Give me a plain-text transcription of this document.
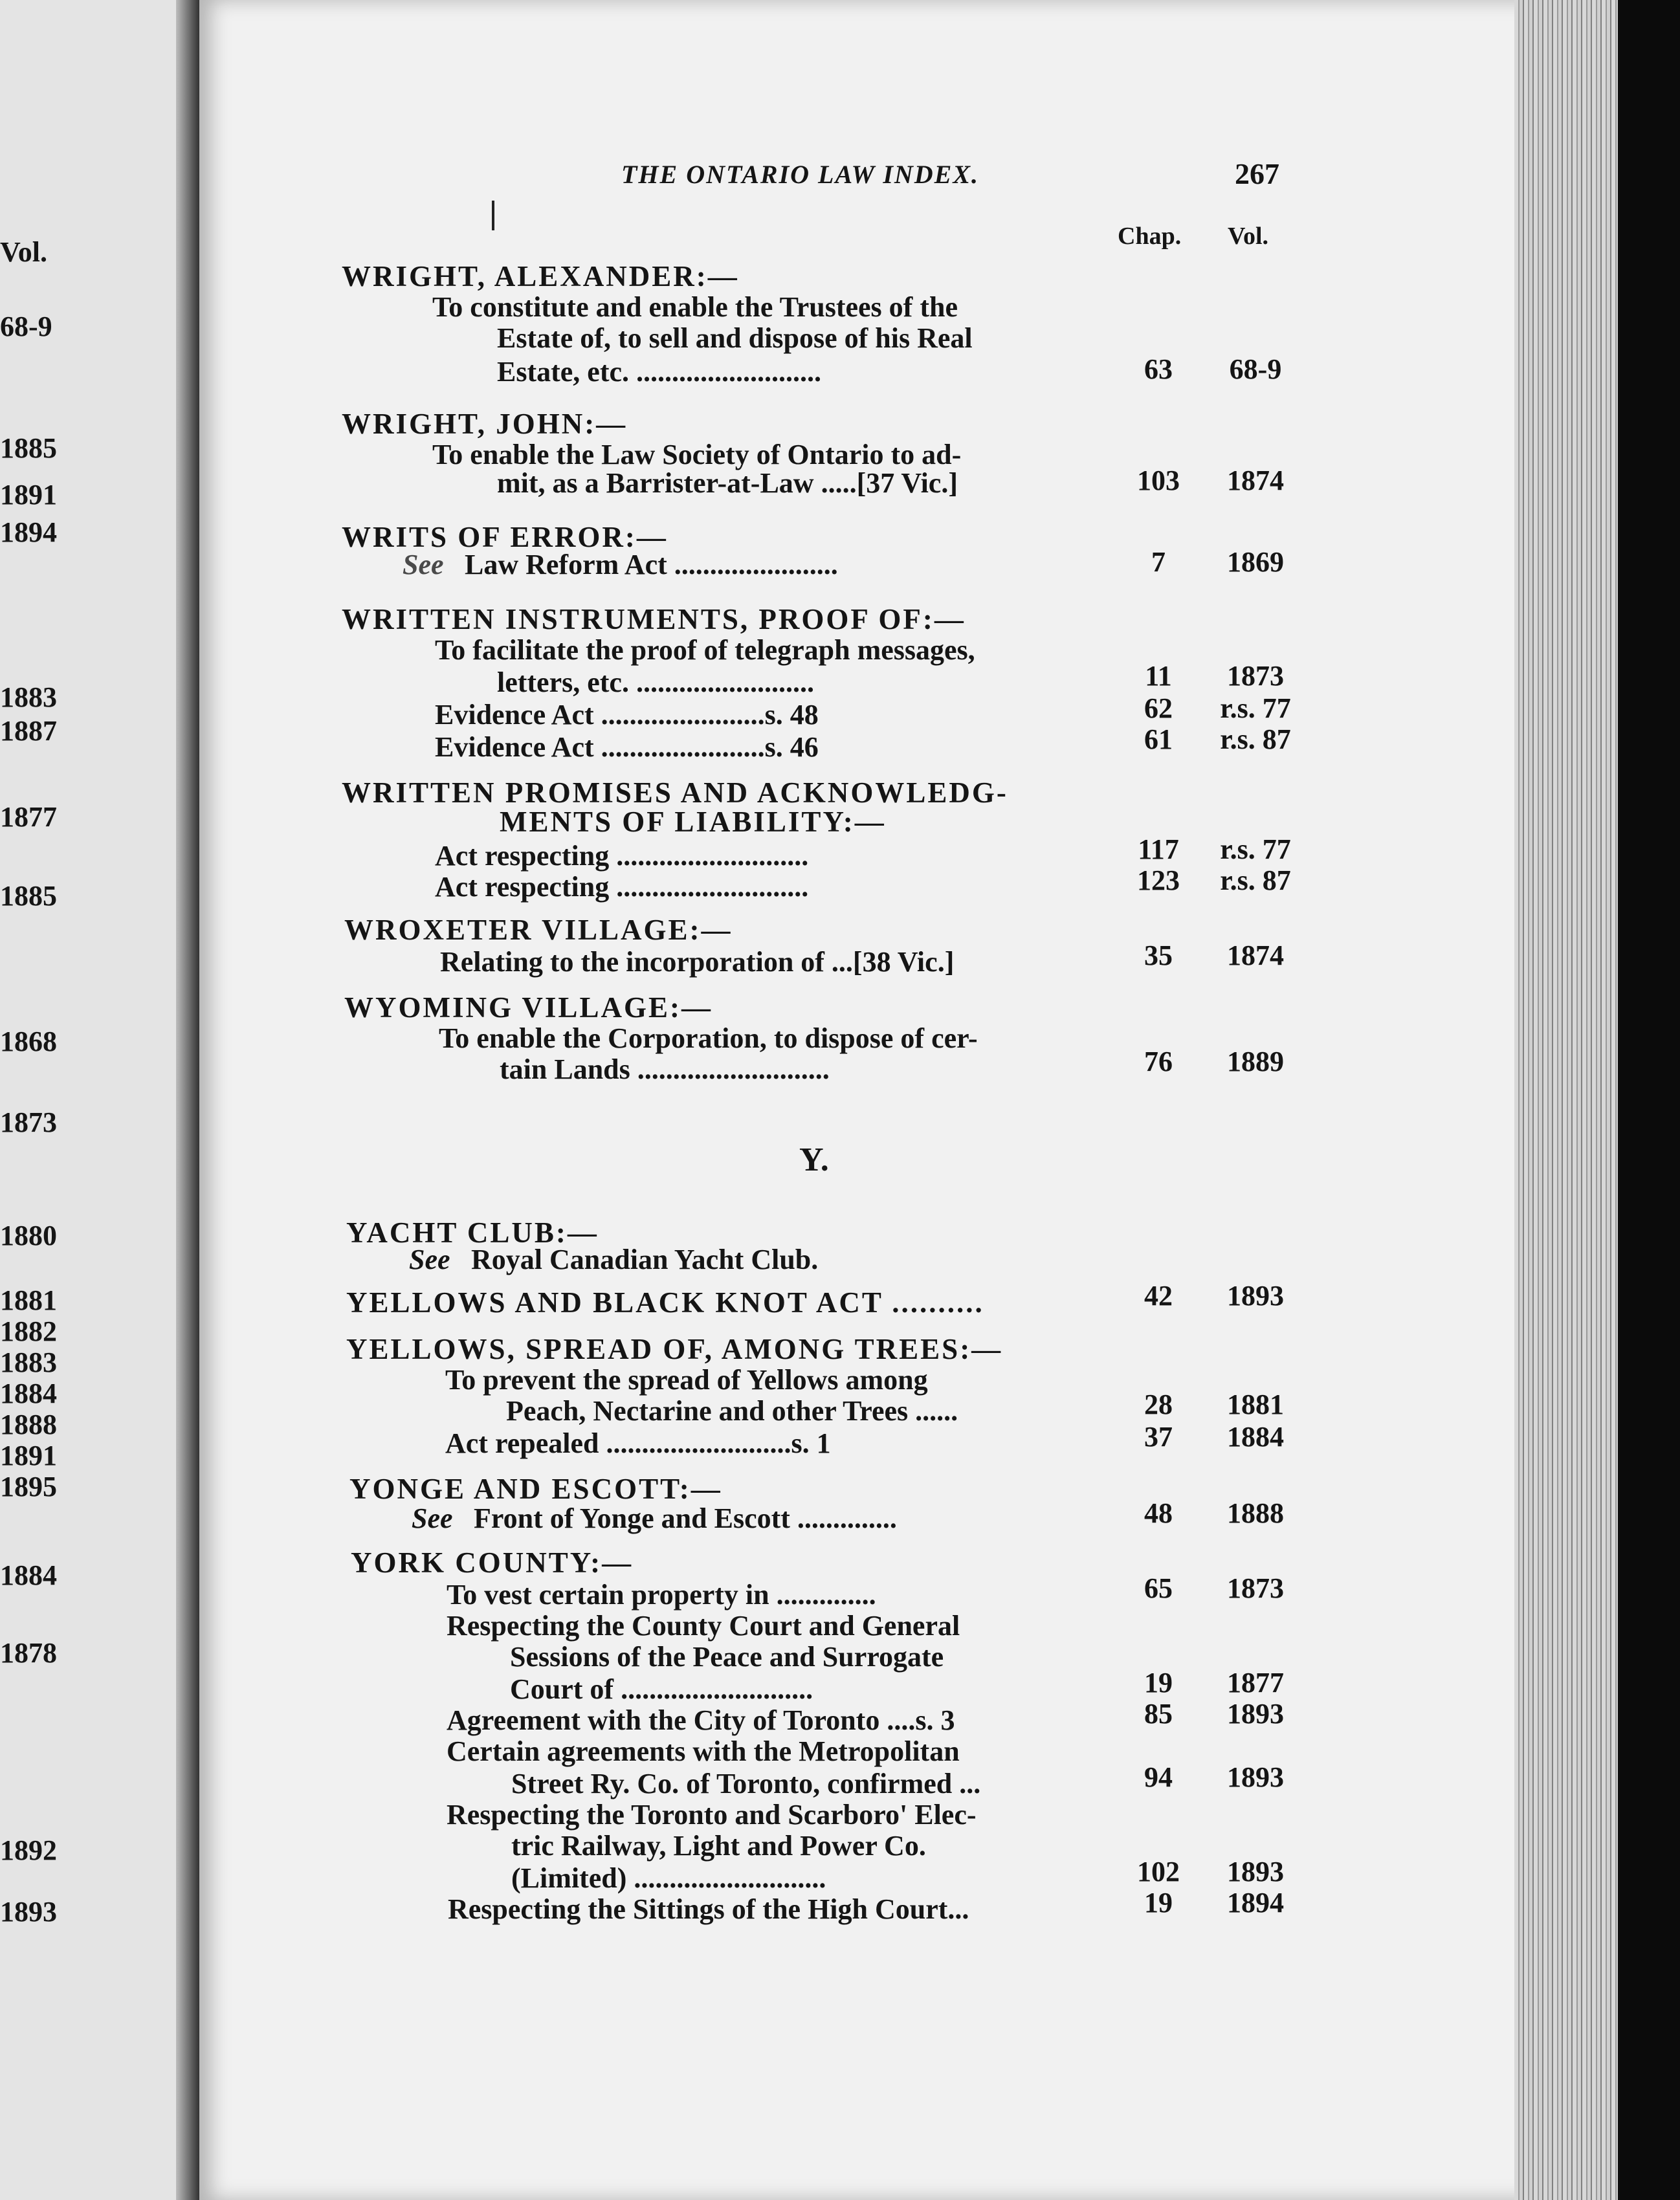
Vol.
68-9
1885
1891
1894
1883
1887
1877
1885
1868
1873
1880
1881
1882
1883
1884
1888
1891
1895
1884
1878
1892
1893
THE ONTARIO LAW INDEX.	267
Chap. Vol.
WRIGHT, ALEXANDER:—
To constitute and enable the Trustees of the
Estate of, to sell and dispose of his Real
Estate, etc. ..........................	63	68-9
WRIGHT, JOHN:—
To enable the Law Society of Ontario to ad-
mit, as a Barrister-at-Law .....[37 Vic.]	103	1874
WRITS OF ERROR:—
See Law Reform Act .......................	7	1869
WRITTEN INSTRUMENTS, PROOF OF:—
To facilitate the proof of telegraph messages,
letters, etc. .........................	11	1873
Evidence Act .......................s. 48	62	r.s. 77
Evidence Act .......................s. 46	61	r.s. 87
WRITTEN PROMISES AND ACKNOWLEDG-
MENTS OF LIABILITY:—
Act respecting ...........................	117	r.s. 77
Act respecting ...........................	123	r.s. 87
WROXETER VILLAGE:—
Relating to the incorporation of ...[38 Vic.]	35	1874
WYOMING VILLAGE:—
To enable the Corporation, to dispose of cer-
tain Lands ...........................	76	1889
Y.
YACHT CLUB:—
See Royal Canadian Yacht Club.
YELLOWS AND BLACK KNOT ACT ..........	42	1893
YELLOWS, SPREAD OF, AMONG TREES:—
To prevent the spread of Yellows among
Peach, Nectarine and other Trees ......	28	1881
Act repealed ..........................s. 1	37	1884
YONGE AND ESCOTT:—
See Front of Yonge and Escott ..............	48	1888
YORK COUNTY:—
To vest certain property in ..............	65	1873
Respecting the County Court and General
Sessions of the Peace and Surrogate
Court of ...........................	19	1877
Agreement with the City of Toronto ....s. 3	85	1893
Certain agreements with the Metropolitan
Street Ry. Co. of Toronto, confirmed ...	94	1893
Respecting the Toronto and Scarboro' Elec-
tric Railway, Light and Power Co.
(Limited) ...........................	102	1893
Respecting the Sittings of the High Court...	19	1894
